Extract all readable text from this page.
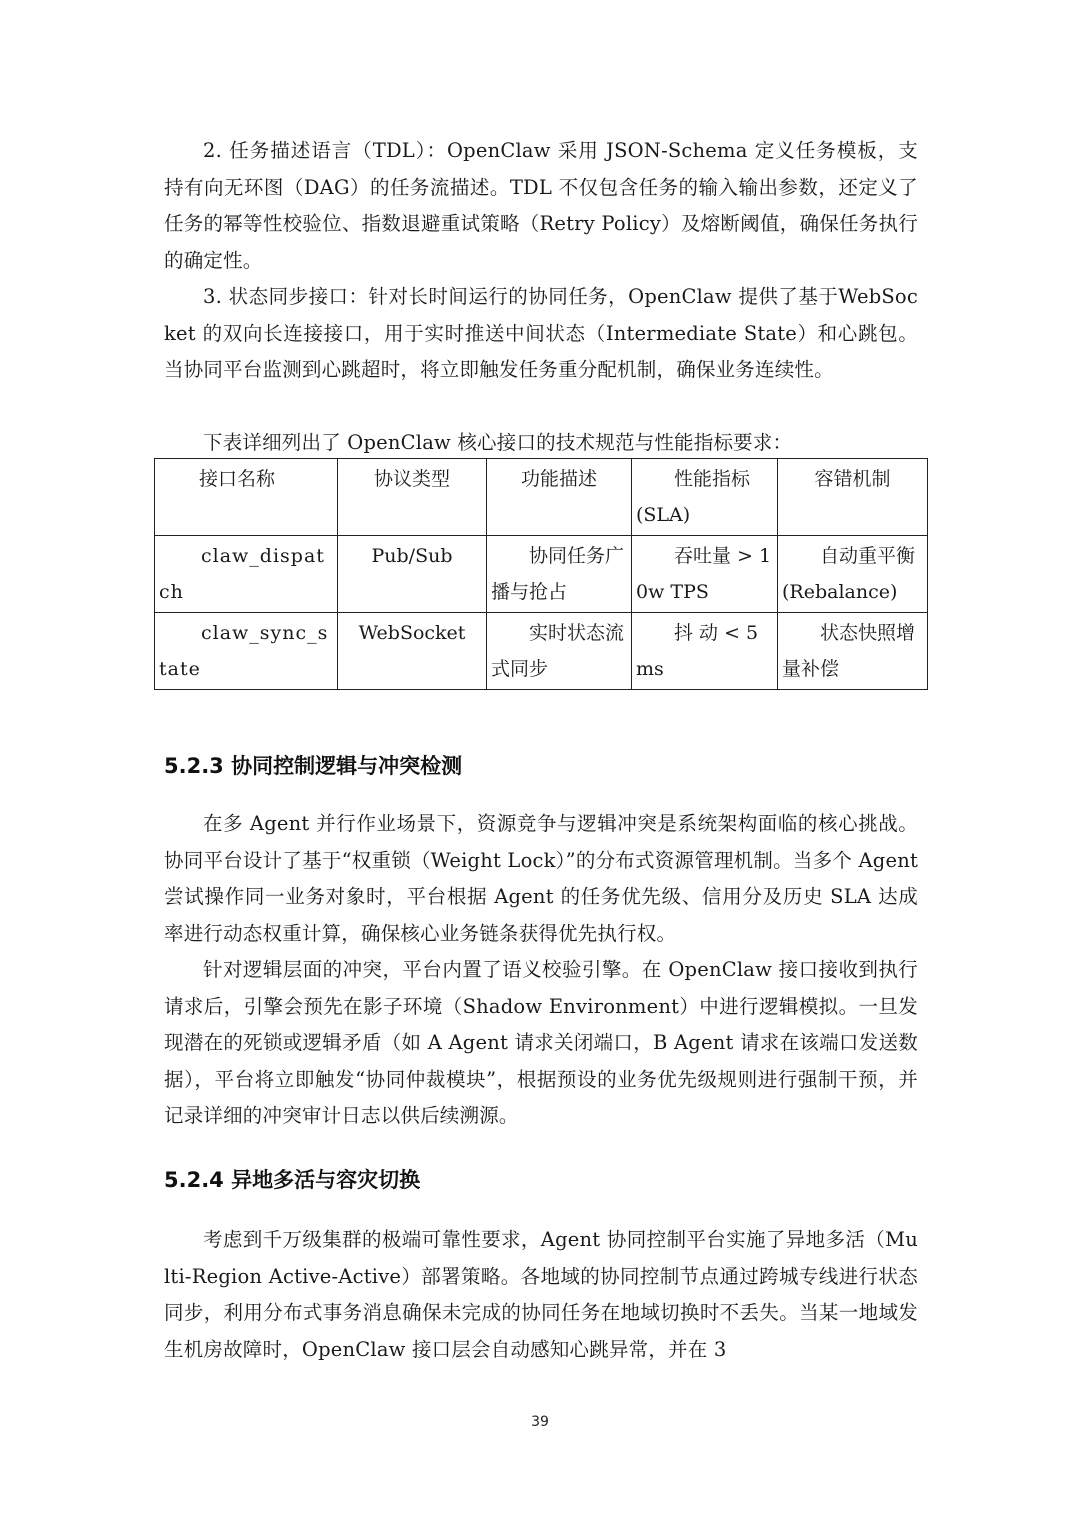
2. 任务描述语言（TDL）：OpenClaw 采用 JSON-Schema 定义任务模板，支持有向无环图（DAG）的任务流描述。TDL 不仅包含任务的输入输出参数，还定义了任务的幂等性校验位、指数退避重试策略（Retry Policy）及熔断阈值，确保任务执行的确定性。

3. 状态同步接口：针对长时间运行的协同任务，OpenClaw 提供了基于WebSocket 的双向长连接接口，用于实时推送中间状态（Intermediate State）和心跳包。当协同平台监测到心跳超时，将立即触发任务重分配机制，确保业务连续性。

下表详细列出了 OpenClaw 核心接口的技术规范与性能指标要求：

接口名称	协议类型	功能描述	性能指标 (SLA)	容错机制

claw_dispatch	Pub/Sub	协同任务广播与抢占	吞吐量 > 10w TPS	自动重平衡(Rebalance)

claw_sync_state	WebSocket	实时状态流式同步	抖 动 < 5ms	状态快照增量补偿
5.2.3 协同控制逻辑与冲突检测

在多 Agent 并行作业场景下，资源竞争与逻辑冲突是系统架构面临的核心挑战。协同平台设计了基于“权重锁（Weight Lock）”的分布式资源管理机制。当多个 Agent 尝试操作同一业务对象时，平台根据 Agent 的任务优先级、信用分及历史 SLA 达成率进行动态权重计算，确保核心业务链条获得优先执行权。

针对逻辑层面的冲突，平台内置了语义校验引擎。在 OpenClaw 接口接收到执行请求后，引擎会预先在影子环境（Shadow Environment）中进行逻辑模拟。一旦发现潜在的死锁或逻辑矛盾（如 A Agent 请求关闭端口，B Agent 请求在该端口发送数据），平台将立即触发“协同仲裁模块”，根据预设的业务优先级规则进行强制干预，并记录详细的冲突审计日志以供后续溯源。

5.2.4 异地多活与容灾切换

考虑到千万级集群的极端可靠性要求，Agent 协同控制平台实施了异地多活（Multi-Region Active-Active）部署策略。各地域的协同控制节点通过跨城专线进行状态同步，利用分布式事务消息确保未完成的协同任务在地域切换时不丢失。当某一地域发生机房故障时，OpenClaw 接口层会自动感知心跳异常，并在 3

39
